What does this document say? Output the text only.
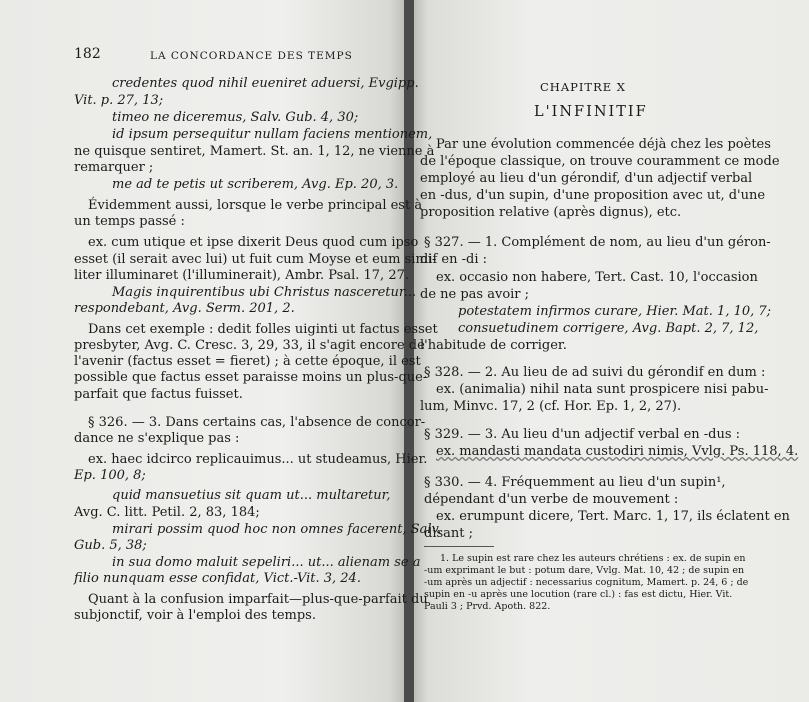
182	LA CONCORDANCE DES TEMPS
credentes quod nihil eueniret aduersi, Evgipp.
Vit. p. 27, 13;
timeo ne diceremus, Salv. Gub. 4, 30;
id ipsum persequitur nullam faciens mentionem,
ne quisque sentiret, Mamert. St. an. 1, 12, ne vienne à
remarquer ;
me ad te petis ut scriberem, Avg. Ep. 20, 3.
Évidemment aussi, lorsque le verbe principal est à
un temps passé :
ex. cum utique et ipse dixerit Deus quod cum ipso
esset (il serait avec lui) ut fuit cum Moyse et eum simi-
liter illuminaret (l'illuminerait), Ambr. Psal. 17, 27.
Magis inquirentibus ubi Christus nasceretur...
respondebant, Avg. Serm. 201, 2.
Dans cet exemple : dedit folles uiginti ut factus esset
presbyter, Avg. C. Cresc. 3, 29, 33, il s'agit encore de
l'avenir (factus esset = fieret) ; à cette époque, il est
possible que factus esset paraisse moins un plus-que-
parfait que factus fuisset.
§ 326. — 3. Dans certains cas, l'absence de concor-
dance ne s'explique pas :
ex. haec idcirco replicauimus... ut studeamus, Hier.
Ep. 100, 8;
quid mansuetius sit quam ut... multaretur,
Avg. C. litt. Petil. 2, 83, 184;
mirari possim quod hoc non omnes facerent, Salv.
Gub. 5, 38;
in sua domo maluit sepeliri... ut... alienam se a
filio nunquam esse confidat, Vict.-Vit. 3, 24.
Quant à la confusion imparfait—plus-que-parfait du
subjonctif, voir à l'emploi des temps.
CHAPITRE X
L'INFINITIF
Par une évolution commencée déjà chez les poètes
de l'époque classique, on trouve couramment ce mode
employé au lieu d'un gérondif, d'un adjectif verbal
en -dus, d'un supin, d'une proposition avec ut, d'une
proposition relative (après dignus), etc.
§ 327. — 1. Complément de nom, au lieu d'un géron-
dif en -di :
ex. occasio non habere, Tert. Cast. 10, l'occasion
de ne pas avoir ;
potestatem infirmos curare, Hier. Mat. 1, 10, 7;
consuetudinem corrigere, Avg. Bapt. 2, 7, 12,
l'habitude de corriger.
§ 328. — 2. Au lieu de ad suivi du gérondif en dum :
ex. (animalia) nihil nata sunt prospicere nisi pabu-
lum, Minvc. 17, 2 (cf. Hor. Ep. 1, 2, 27).
§ 329. — 3. Au lieu d'un adjectif verbal en -dus :
ex. mandasti mandata custodiri nimis, Vvlg. Ps. 118, 4.
§ 330. — 4. Fréquemment au lieu d'un supin¹,
dépendant d'un verbe de mouvement :
ex. erumpunt dicere, Tert. Marc. 1, 17, ils éclatent en
disant ;
1. Le supin est rare chez les auteurs chrétiens : ex. de supin en
-um exprimant le but : potum dare, Vvlg. Mat. 10, 42 ; de supin en
-um après un adjectif : necessarius cognitum, Mamert. p. 24, 6 ; de
supin en -u après une locution (rare cl.) : fas est dictu, Hier. Vit.
Pauli 3 ; Prvd. Apoth. 822.
